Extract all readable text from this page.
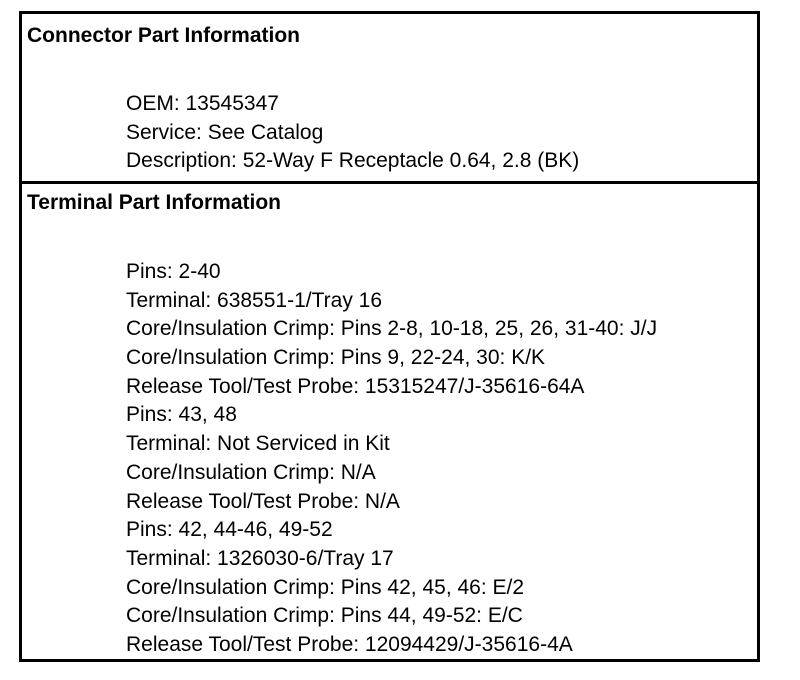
Connector Part Information
OEM: 13545347
Service: See Catalog
Description: 52-Way F Receptacle 0.64, 2.8 (BK)
Terminal Part Information
Pins: 2-40
Terminal: 638551-1/Tray 16
Core/Insulation Crimp: Pins 2-8, 10-18, 25, 26, 31-40: J/J
Core/Insulation Crimp: Pins 9, 22-24, 30: K/K
Release Tool/Test Probe: 15315247/J-35616-64A
Pins: 43, 48
Terminal: Not Serviced in Kit
Core/Insulation Crimp: N/A
Release Tool/Test Probe: N/A
Pins: 42, 44-46, 49-52
Terminal: 1326030-6/Tray 17
Core/Insulation Crimp: Pins 42, 45, 46: E/2
Core/Insulation Crimp: Pins 44, 49-52: E/C
Release Tool/Test Probe: 12094429/J-35616-4A
